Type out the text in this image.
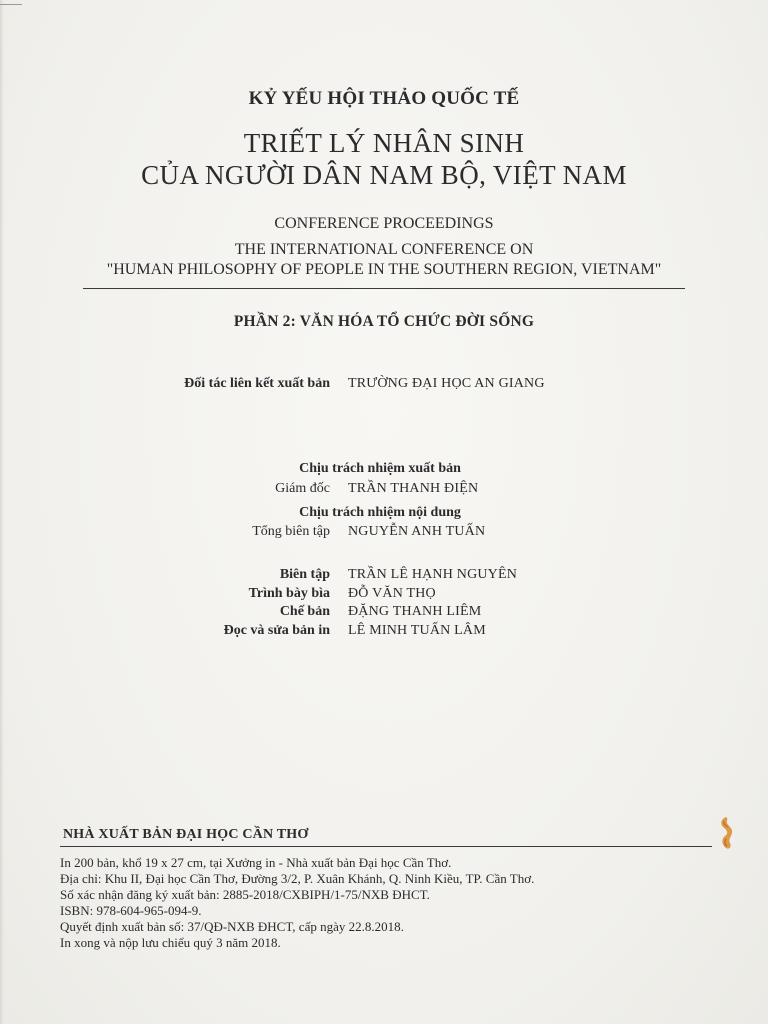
KỶ YẾU HỘI THẢO QUỐC TẾ
TRIẾT LÝ NHÂN SINH
CỦA NGƯỜI DÂN NAM BỘ, VIỆT NAM
CONFERENCE PROCEEDINGS
THE INTERNATIONAL CONFERENCE ON
"HUMAN PHILOSOPHY OF PEOPLE IN THE SOUTHERN REGION, VIETNAM"
PHẦN 2: VĂN HÓA TỔ CHỨC ĐỜI SỐNG
Đối tác liên kết xuất bản TRƯỜNG ĐẠI HỌC AN GIANG
Chịu trách nhiệm xuất bản
Giám đốc TRẦN THANH ĐIỆN
Chịu trách nhiệm nội dung
Tổng biên tập NGUYỄN ANH TUẤN
Biên tập TRẦN LÊ HẠNH NGUYÊN
Trình bày bìa ĐỖ VĂN THỌ
Chế bản ĐẶNG THANH LIÊM
Đọc và sửa bản in LÊ MINH TUẤN LÂM
NHÀ XUẤT BẢN ĐẠI HỌC CẦN THƠ
In 200 bản, khổ 19 x 27 cm, tại Xưởng in - Nhà xuất bản Đại học Cần Thơ.
Địa chỉ: Khu II, Đại học Cần Thơ, Đường 3/2, P. Xuân Khánh, Q. Ninh Kiều, TP. Cần Thơ.
Số xác nhận đăng ký xuất bản: 2885-2018/CXBIPH/1-75/NXB ĐHCT.
ISBN: 978-604-965-094-9.
Quyết định xuất bản số: 37/QĐ-NXB ĐHCT, cấp ngày 22.8.2018.
In xong và nộp lưu chiểu quý 3 năm 2018.
